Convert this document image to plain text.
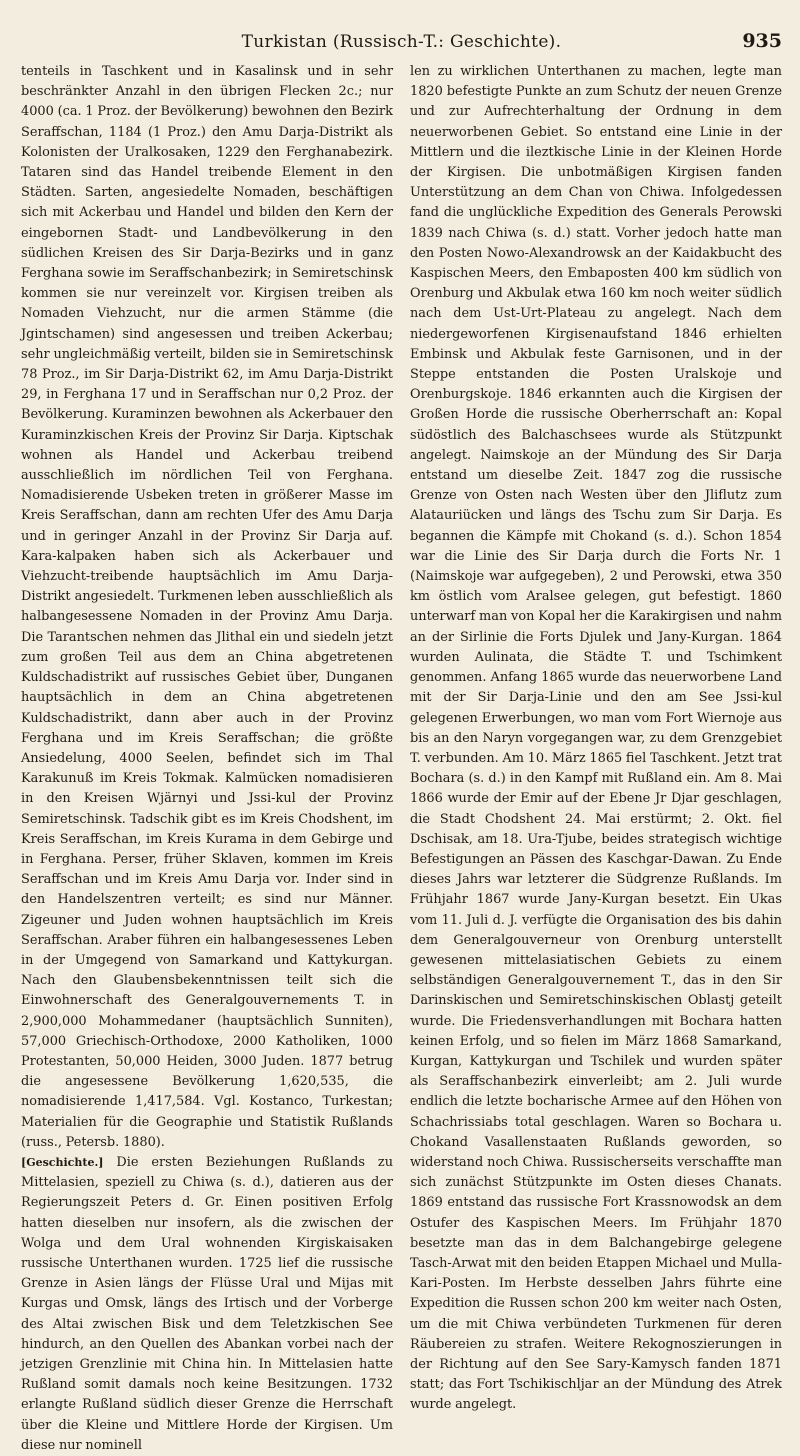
Turkistan (Russisch-T.: Geschichte).	935

tenteils in Taschkent und in Kasalinsk und in sehr beschränkter Anzahl in den übrigen Flecken 2c.; nur 4000 (ca. 1 Proz. der Bevölkerung) bewohnen den Bezirk Seraffschan, 1184 (1 Proz.) den Amu Darja-Distrikt als Kolonisten der Uralkosaken, 1229 den Ferghanabezirk. Tataren sind das Handel treibende Element in den Städten. Sarten, angesiedelte Nomaden, beschäftigen sich mit Ackerbau und Handel und bilden den Kern der eingebornen Stadt- und Landbevölkerung in den südlichen Kreisen des Sir Darja-Bezirks und in ganz Ferghana sowie im Seraffschanbezirk; in Semiretschinsk kommen sie nur vereinzelt vor. Kirgisen treiben als Nomaden Viehzucht, nur die armen Stämme (die Jgintschamen) sind angesessen und treiben Ackerbau; sehr ungleichmäßig verteilt, bilden sie in Semiretschinsk 78 Proz., im Sir Darja-Distrikt 62, im Amu Darja-Distrikt 29, in Ferghana 17 und in Seraffschan nur 0,2 Proz. der Bevölkerung. Kuraminzen bewohnen als Ackerbauer den Kuraminzkischen Kreis der Provinz Sir Darja. Kiptschak wohnen als Handel und Ackerbau treibend ausschließlich im nördlichen Teil von Ferghana. Nomadisierende Usbeken treten in größerer Masse im Kreis Seraffschan, dann am rechten Ufer des Amu Darja und in geringer Anzahl in der Provinz Sir Darja auf. Kara-kalpaken haben sich als Ackerbauer und Viehzucht-treibende hauptsächlich im Amu Darja-Distrikt angesiedelt. Turkmenen leben ausschließlich als halbangesessene Nomaden in der Provinz Amu Darja. Die Tarantschen nehmen das Jlithal ein und siedeln jetzt zum großen Teil aus dem an China abgetretenen Kuldschadistrikt auf russisches Gebiet über, Dunganen hauptsächlich in dem an China abgetretenen Kuldschadistrikt, dann aber auch in der Provinz Ferghana und im Kreis Seraffschan; die größte Ansiedelung, 4000 Seelen, befindet sich im Thal Karakunuß im Kreis Tokmak. Kalmücken nomadisieren in den Kreisen Wjärnyi und Jssi-kul der Provinz Semiretschinsk. Tadschik gibt es im Kreis Chodshent, im Kreis Seraffschan, im Kreis Kurama in dem Gebirge und in Ferghana. Perser, früher Sklaven, kommen im Kreis Seraffschan und im Kreis Amu Darja vor. Inder sind in den Handelszentren verteilt; es sind nur Männer. Zigeuner und Juden wohnen hauptsächlich im Kreis Seraffschan. Araber führen ein halbangesessenes Leben in der Umgegend von Samarkand und Kattykurgan. Nach den Glaubensbekenntnissen teilt sich die Einwohnerschaft des Generalgouvernements T. in 2,900,000 Mohammedaner (hauptsächlich Sunniten), 57,000 Griechisch-Orthodoxe, 2000 Katholiken, 1000 Protestanten, 50,000 Heiden, 3000 Juden. 1877 betrug die angesessene Bevölkerung 1,620,535, die nomadisierende 1,417,584. Vgl. Kostanco, Turkestan; Materialien für die Geographie und Statistik Rußlands (russ., Petersb. 1880).

[Geschichte.] Die ersten Beziehungen Rußlands zu Mittelasien, speziell zu Chiwa (s. d.), datieren aus der Regierungszeit Peters d. Gr. Einen positiven Erfolg hatten dieselben nur insofern, als die zwischen der Wolga und dem Ural wohnenden Kirgiskaisaken russische Unterthanen wurden. 1725 lief die russische Grenze in Asien längs der Flüsse Ural und Mijas mit Kurgas und Omsk, längs des Irtisch und der Vorberge des Altai zwischen Bisk und dem Teletzkischen See hindurch, an den Quellen des Abankan vorbei nach der jetzigen Grenzlinie mit China hin. In Mittelasien hatte Rußland somit damals noch keine Besitzungen. 1732 erlangte Rußland südlich dieser Grenze die Herrschaft über die Kleine und Mittlere Horde der Kirgisen. Um diese nur nominell

len zu wirklichen Unterthanen zu machen, legte man 1820 befestigte Punkte an zum Schutz der neuen Grenze und zur Aufrechterhaltung der Ordnung in dem neuerworbenen Gebiet. So entstand eine Linie in der Mittlern und die ileztkische Linie in der Kleinen Horde der Kirgisen. Die unbotmäßigen Kirgisen fanden Unterstützung an dem Chan von Chiwa. Infolgedessen fand die unglückliche Expedition des Generals Perowski 1839 nach Chiwa (s. d.) statt. Vorher jedoch hatte man den Posten Nowo-Alexandrowsk an der Kaidakbucht des Kaspischen Meers, den Embaposten 400 km südlich von Orenburg und Akbulak etwa 160 km noch weiter südlich nach dem Ust-Urt-Plateau zu angelegt. Nach dem niedergeworfenen Kirgisenaufstand 1846 erhielten Embinsk und Akbulak feste Garnisonen, und in der Steppe entstanden die Posten Uralskoje und Orenburgskoje. 1846 erkannten auch die Kirgisen der Großen Horde die russische Oberherrschaft an: Kopal südöstlich des Balchaschsees wurde als Stützpunkt angelegt. Naimskoje an der Mündung des Sir Darja entstand um dieselbe Zeit. 1847 zog die russische Grenze von Osten nach Westen über den Jliflutz zum Alatauriücken und längs des Tschu zum Sir Darja. Es begannen die Kämpfe mit Chokand (s. d.). Schon 1854 war die Linie des Sir Darja durch die Forts Nr. 1 (Naimskoje war aufgegeben), 2 und Perowski, etwa 350 km östlich vom Aralsee gelegen, gut befestigt. 1860 unterwarf man von Kopal her die Karakirgisen und nahm an der Sirlinie die Forts Djulek und Jany-Kurgan. 1864 wurden Aulinata, die Städte T. und Tschimkent genommen. Anfang 1865 wurde das neuerworbene Land mit der Sir Darja-Linie und den am See Jssi-kul gelegenen Erwerbungen, wo man vom Fort Wiernoje aus bis an den Naryn vorgegangen war, zu dem Grenzgebiet T. verbunden. Am 10. März 1865 fiel Taschkent. Jetzt trat Bochara (s. d.) in den Kampf mit Rußland ein. Am 8. Mai 1866 wurde der Emir auf der Ebene Jr Djar geschlagen, die Stadt Chodshent 24. Mai erstürmt; 2. Okt. fiel Dschisak, am 18. Ura-Tjube, beides strategisch wichtige Befestigungen an Pässen des Kaschgar-Dawan. Zu Ende dieses Jahrs war letzterer die Südgrenze Rußlands. Im Frühjahr 1867 wurde Jany-Kurgan besetzt. Ein Ukas vom 11. Juli d. J. verfügte die Organisation des bis dahin dem Generalgouverneur von Orenburg unterstellt gewesenen mittelasiatischen Gebiets zu einem selbständigen Generalgouvernement T., das in den Sir Darinskischen und Semiretschinskischen Oblastj geteilt wurde. Die Friedensverhandlungen mit Bochara hatten keinen Erfolg, und so fielen im März 1868 Samarkand, Kurgan, Kattykurgan und Tschilek und wurden später als Seraffschanbezirk einverleibt; am 2. Juli wurde endlich die letzte bocharische Armee auf den Höhen von Schachrissiabs total geschlagen. Waren so Bochara u. Chokand Vasallenstaaten Rußlands geworden, so widerstand noch Chiwa. Russischerseits verschaffte man sich zunächst Stützpunkte im Osten dieses Chanats. 1869 entstand das russische Fort Krassnowodsk an dem Ostufer des Kaspischen Meers. Im Frühjahr 1870 besetzte man das in dem Balchangebirge gelegene Tasch-Arwat mit den beiden Etappen Michael und Mulla-Kari-Posten. Im Herbste desselben Jahrs führte eine Expedition die Russen schon 200 km weiter nach Osten, um die mit Chiwa verbündeten Turkmenen für deren Räubereien zu strafen. Weitere Rekognoszierungen in der Richtung auf den See Sary-Kamysch fanden 1871 statt; das Fort Tschikischljar an der Mündung des Atrek wurde angelegt.
